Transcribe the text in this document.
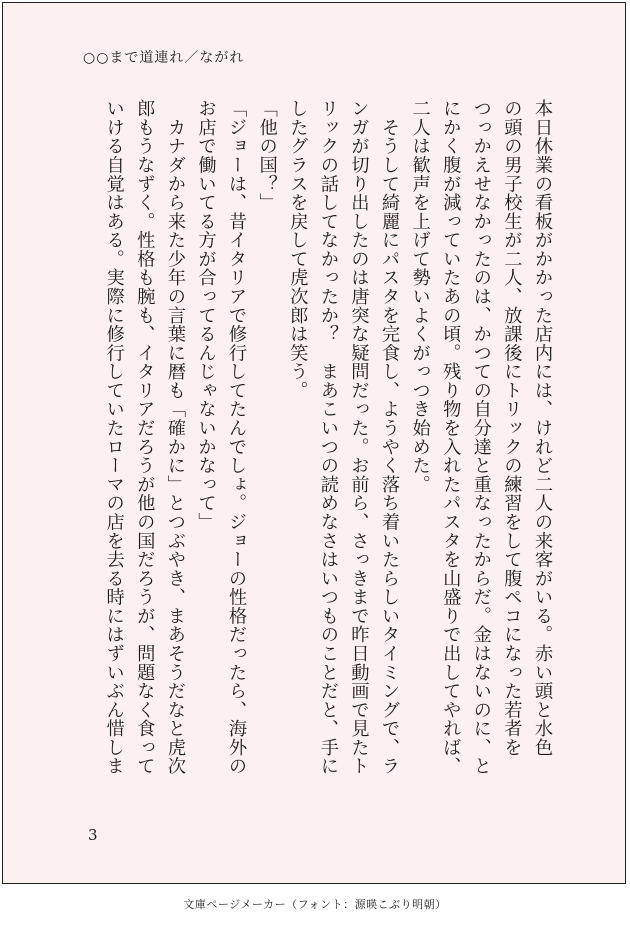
○○まで道連れ／ながれ

本日休業の看板がかかった店内には、けれど二人の来客がいる。赤い頭と水色

の頭の男子校生が二人、放課後にトリックの練習をして腹ペコになった若者を

つっかえせなかったのは、かつての自分達と重なったからだ。金はないのに、と

にかく腹が減っていたあの頃。残り物を入れたパスタを山盛りで出してやれば、

二人は歓声を上げて勢いよくがっつき始めた。

　そうして綺麗にパスタを完食し、ようやく落ち着いたらしいタイミングで、ラ

ンガが切り出したのは唐突な疑問だった。お前ら、さっきまで昨日動画で見たト

リックの話してなかったか？　まあこいつの読めなさはいつものことだと、手に

したグラスを戻して虎次郎は笑う。

「他の国？」

「ジョーは、昔イタリアで修行してたんでしょ。ジョーの性格だったら、海外の

お店で働いてる方が合ってるんじゃないかなって」

　カナダから来た少年の言葉に暦も「確かに」とつぶやき、まあそうだなと虎次

郎もうなずく。性格も腕も、イタリアだろうが他の国だろうが、問題なく食って

いける自覚はある。実際に修行していたローマの店を去る時にはずいぶん惜しま

3
文庫ページメーカー（フォント：源暎こぶり明朝）
